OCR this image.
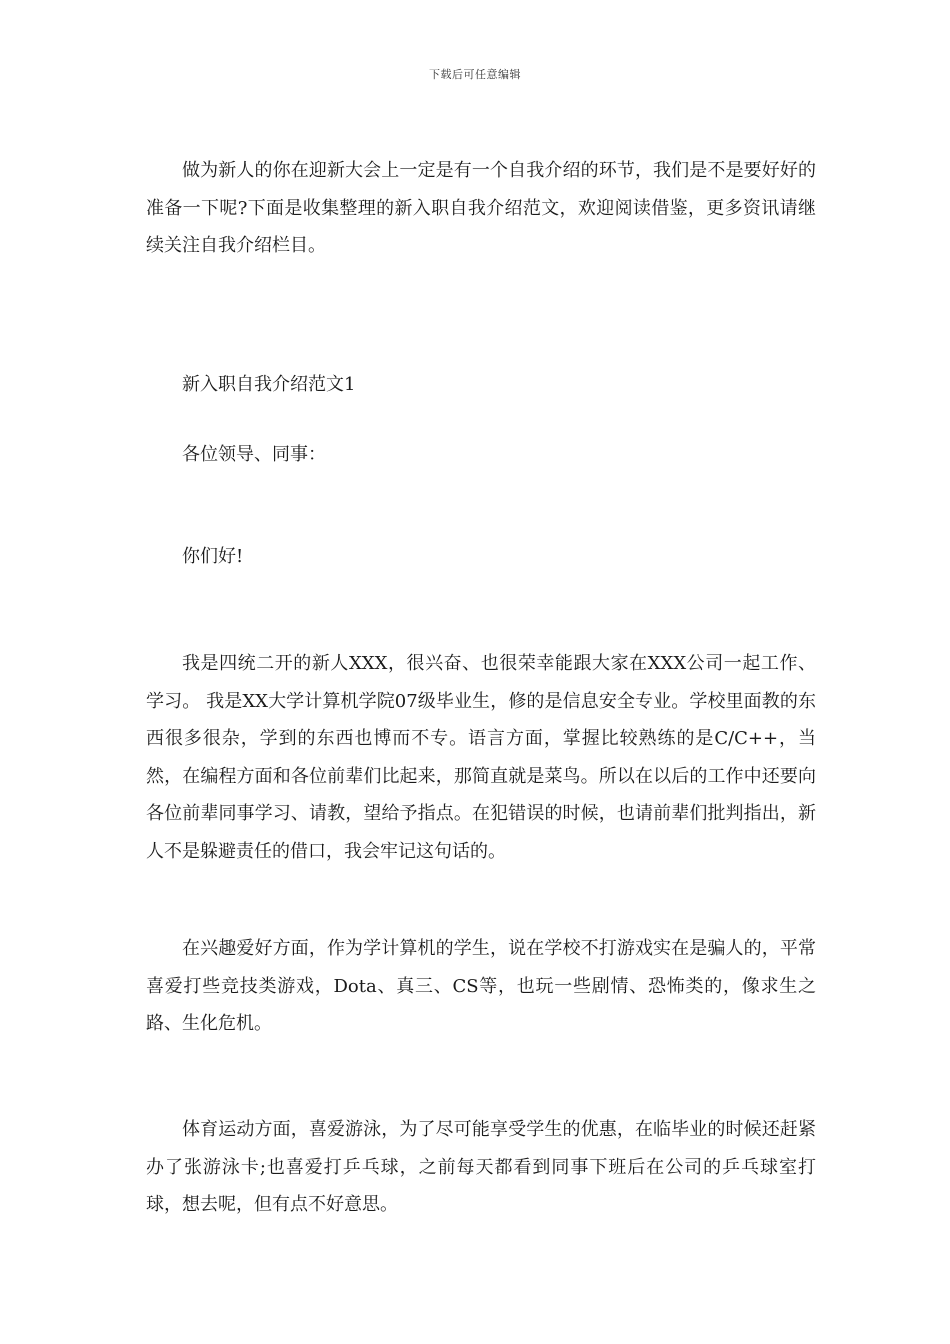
下载后可任意编辑

做为新人的你在迎新大会上一定是有一个自我介绍的环节，我们是不是要好好的准备一下呢?下面是收集整理的新入职自我介绍范文，欢迎阅读借鉴，更多资讯请继续关注自我介绍栏目。

新入职自我介绍范文1

各位领导、同事：

你们好!

我是四统二开的新人XXX，很兴奋、也很荣幸能跟大家在XXX公司一起工作、学习。 我是XX大学计算机学院07级毕业生，修的是信息安全专业。学校里面教的东西很多很杂，学到的东西也博而不专。语言方面，掌握比较熟练的是C/C++，当然，在编程方面和各位前辈们比起来，那简直就是菜鸟。所以在以后的工作中还要向各位前辈同事学习、请教，望给予指点。在犯错误的时候，也请前辈们批判指出，新人不是躲避责任的借口，我会牢记这句话的。

在兴趣爱好方面，作为学计算机的学生，说在学校不打游戏实在是骗人的，平常喜爱打些竞技类游戏，Dota、真三、CS等，也玩一些剧情、恐怖类的，像求生之路、生化危机。

体育运动方面，喜爱游泳，为了尽可能享受学生的优惠，在临毕业的时候还赶紧办了张游泳卡;也喜爱打乒乓球，之前每天都看到同事下班后在公司的乒乓球室打球，想去呢，但有点不好意思。
